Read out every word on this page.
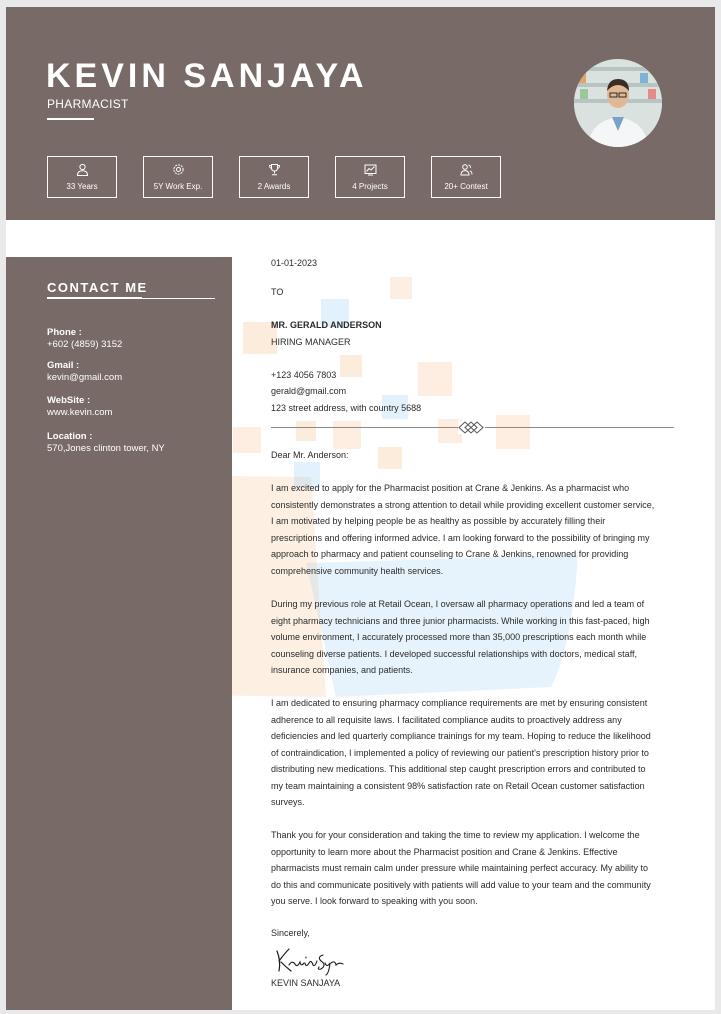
KEVIN SANJAYA
PHARMACIST
33 Years	5Y Work Exp.	2 Awards	4 Projects	20+ Contest
CONTACT ME
Phone :
+602 (4859) 3152
Gmail :
kevin@gmail.com
WebSite :
www.kevin.com
Location :
570,Jones clinton tower, NY
01-01-2023
TO
MR. GERALD ANDERSON
HIRING MANAGER
+123 4056 7803
gerald@gmail.com
123 street address, with country 5688
Dear Mr. Anderson:
I am excited to apply for the Pharmacist position at Crane & Jenkins. As a pharmacist who
consistently demonstrates a strong attention to detail while providing excellent customer service,
I am motivated by helping people be as healthy as possible by accurately filling their
prescriptions and offering informed advice. I am looking forward to the possibility of bringing my
approach to pharmacy and patient counseling to Crane & Jenkins, renowned for providing
comprehensive community health services.
During my previous role at Retail Ocean, I oversaw all pharmacy operations and led a team of
eight pharmacy technicians and three junior pharmacists. While working in this fast-paced, high
volume environment, I accurately processed more than 35,000 prescriptions each month while
counseling diverse patients. I developed successful relationships with doctors, medical staff,
insurance companies, and patients.
I am dedicated to ensuring pharmacy compliance requirements are met by ensuring consistent
adherence to all requisite laws. I facilitated compliance audits to proactively address any
deficiencies and led quarterly compliance trainings for my team. Hoping to reduce the likelihood
of contraindication, I implemented a policy of reviewing our patient's prescription history prior to
distributing new medications. This additional step caught prescription errors and contributed to
my team maintaining a consistent 98% satisfaction rate on Retail Ocean customer satisfaction
surveys.
Thank you for your consideration and taking the time to review my application. I welcome the
opportunity to learn more about the Pharmacist position and Crane & Jenkins. Effective
pharmacists must remain calm under pressure while maintaining perfect accuracy. My ability to
do this and communicate positively with patients will add value to your team and the community
you serve. I look forward to speaking with you soon.
Sincerely,
KEVIN SANJAYA
